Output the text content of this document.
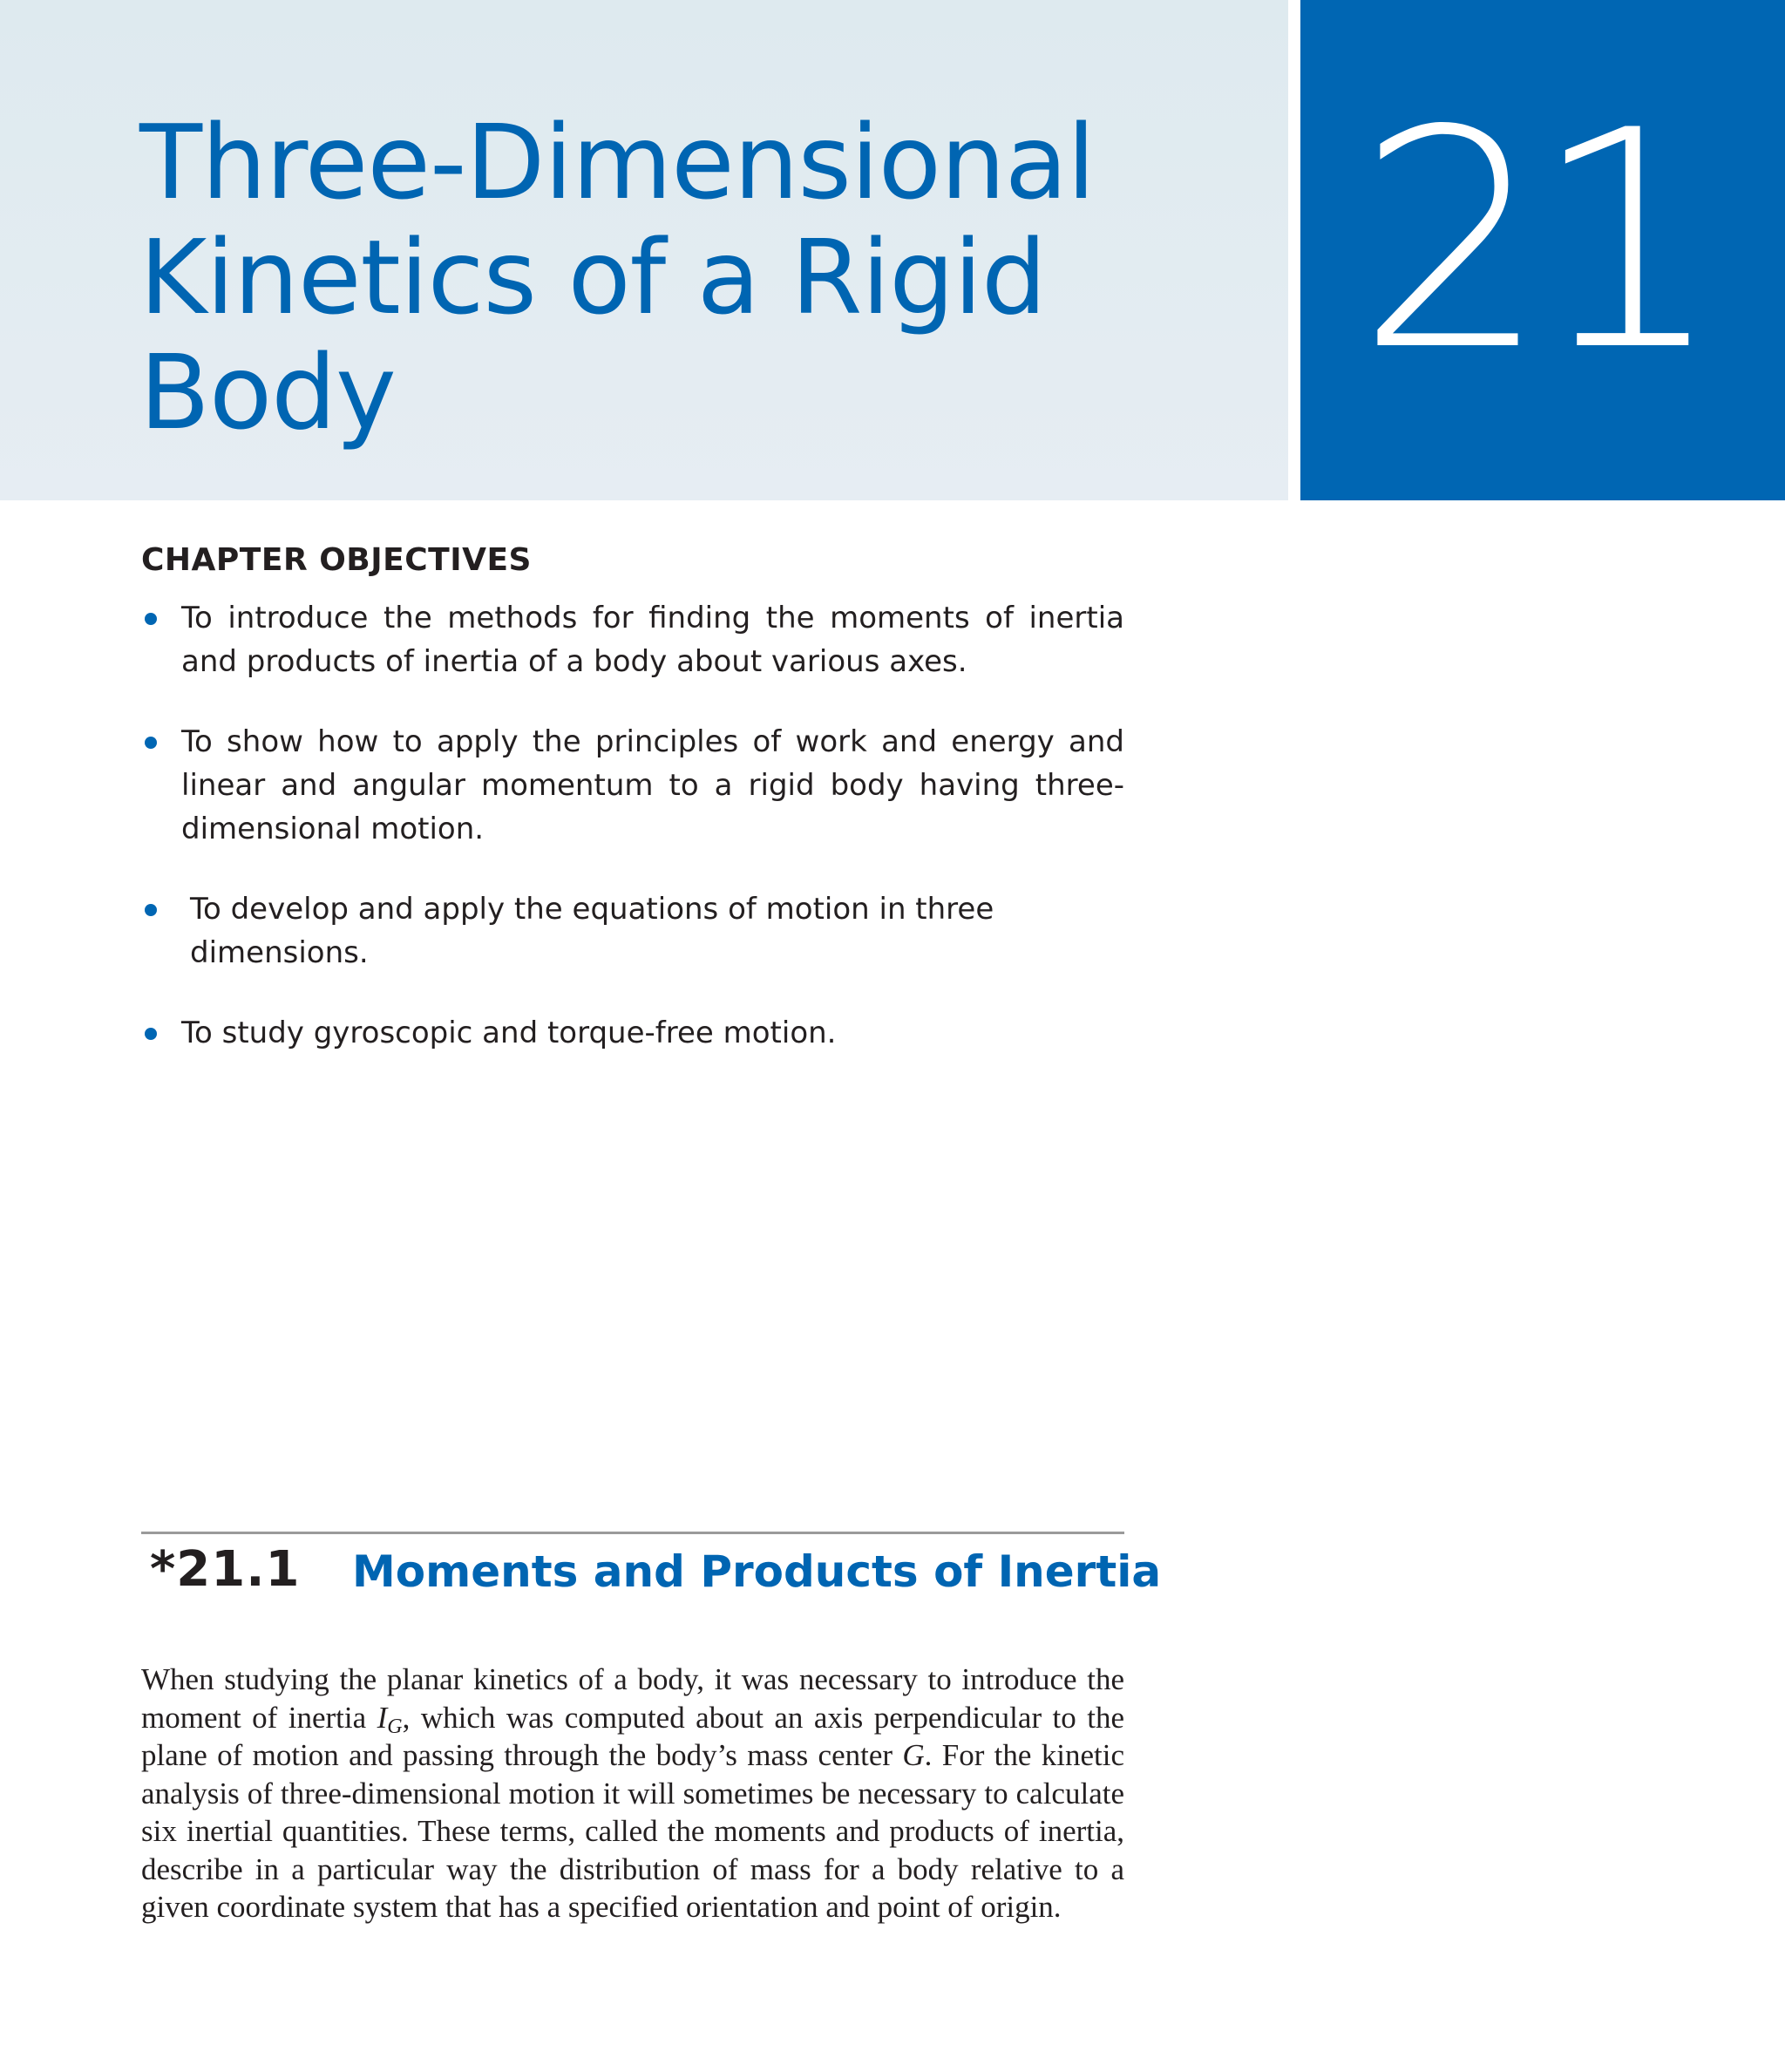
Three-Dimensional
Kinetics of a Rigid
Body	21
CHAPTER OBJECTIVES
To introduce the methods for finding the moments of inertia and products of inertia of a body about various axes.
To show how to apply the principles of work and energy and linear and angular momentum to a rigid body having three-dimensional motion.
To develop and apply the equations of motion in three dimensions.
To study gyroscopic and torque-free motion.
*21.1 Moments and Products of Inertia

When studying the planar kinetics of a body, it was necessary to introduce the moment of inertia $I_G$, which was computed about an axis perpendicular to the plane of motion and passing through the body’s mass center G. For the kinetic analysis of three-dimensional motion it will sometimes be necessary to calculate six inertial quantities. These terms, called the moments and products of inertia, describe in a particular way the distribution of mass for a body relative to a given coordinate system that has a specified orientation and point of origin.
